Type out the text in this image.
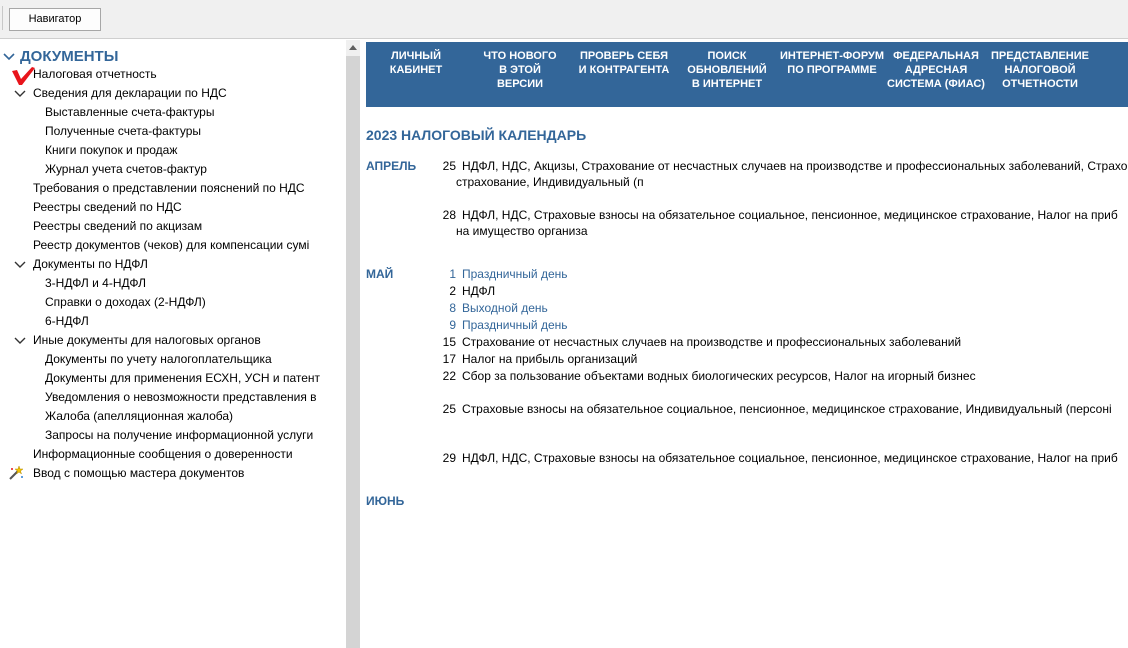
Навигатор
ДОКУМЕНТЫ
Налоговая отчетность
Сведения для декларации по НДС
Выставленные счета-фактуры
Полученные счета-фактуры
Книги покупок и продаж
Журнал учета счетов-фактур
Требования о представлении пояснений по НДС
Реестры сведений по НДС
Реестры сведений по акцизам
Реестр документов (чеков) для компенсации сумі
Документы по НДФЛ
3-НДФЛ и 4-НДФЛ
Справки о доходах (2-НДФЛ)
6-НДФЛ
Иные документы для налоговых органов
Документы по учету налогоплательщика
Документы для применения ЕСХН, УСН и патент
Уведомления о невозможности представления в
Жалоба (апелляционная жалоба)
Запросы на получение информационной услуги
Информационные сообщения о доверенности
Ввод с помощью мастера документов
ЛИЧНЫЙ
КАБИНЕТ
ЧТО НОВОГО
В ЭТОЙ
ВЕРСИИ
ПРОВЕРЬ СЕБЯ
И КОНТРАГЕНТА
ПОИСК
ОБНОВЛЕНИЙ
В ИНТЕРНЕТ
ИНТЕРНЕТ-ФОРУМ
ПО ПРОГРАММЕ
ФЕДЕРАЛЬНАЯ
АДРЕСНАЯ
СИСТЕМА (ФИАС)
ПРЕДСТАВЛЕНИЕ
НАЛОГОВОЙ
ОТЧЕТНОСТИ
2023 НАЛОГОВЫЙ КАЛЕНДАРЬ
АПРЕЛЬ	25 НДФЛ, НДС, Акцизы, Страхование от несчастных случаев на производстве и профессиональных заболеваний, Страхо
страхование, Индивидуальный (п
28 НДФЛ, НДС, Страховые взносы на обязательное социальное, пенсионное, медицинское страхование, Налог на приб
на имущество организа
МАЙ	1 Праздничный день
2 НДФЛ
8 Выходной день
9 Праздничный день
15 Страхование от несчастных случаев на производстве и профессиональных заболеваний
17 Налог на прибыль организаций
22 Сбор за пользование объектами водных биологических ресурсов, Налог на игорный бизнес
25 Страховые взносы на обязательное социальное, пенсионное, медицинское страхование, Индивидуальный (персонi
29 НДФЛ, НДС, Страховые взносы на обязательное социальное, пенсионное, медицинское страхование, Налог на приб
ИЮНЬ
